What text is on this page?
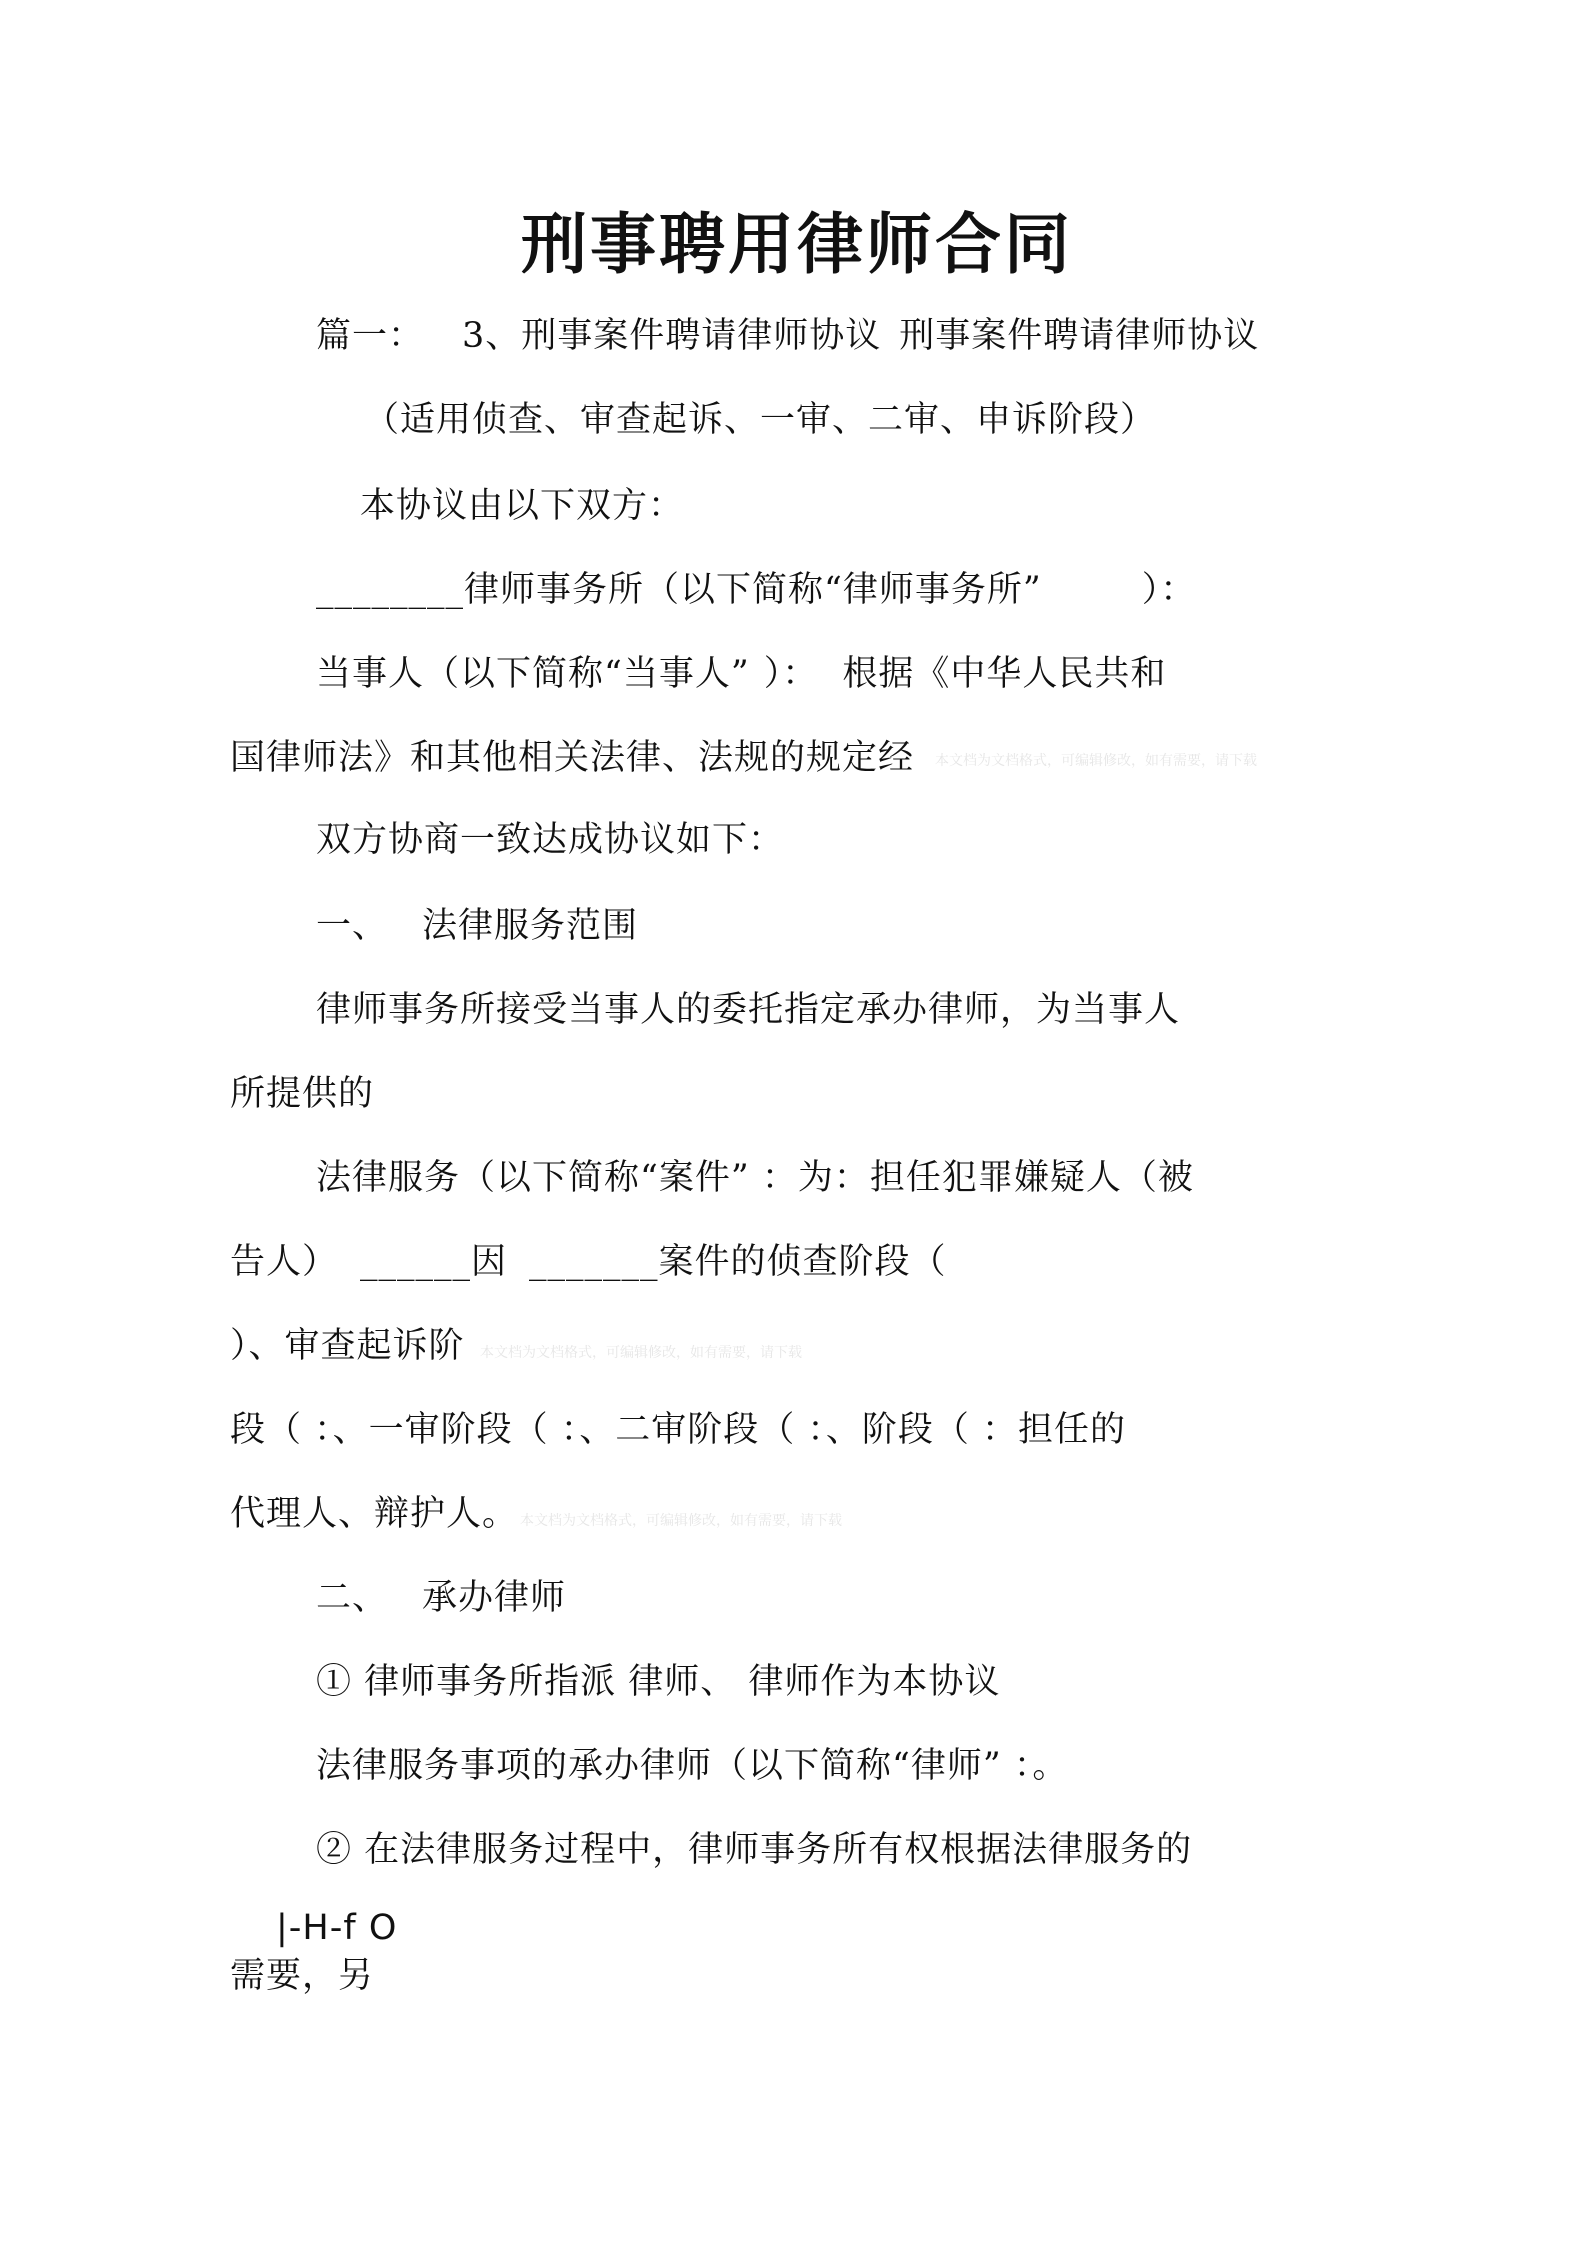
刑事聘用律师合同
篇一： 3、刑事案件聘请律师协议 刑事案件聘请律师协议
（适用侦查、审查起诉、一审、二审、申诉阶段）
本协议由以下双方：
________律师事务所（以下简称“律师事务所”	）：
当事人（以下简称“当事人” ）： 根据《中华人民共和
国律师法》和其他相关法律、法规的规定经 本文档为文档格式，可编辑修改，如有需要，请下载
双方协商一致达成协议如下：
一、 法律服务范围
律师事务所接受当事人的委托指定承办律师，为当事人
所提供的
法律服务（以下简称“案件” ：为：担任犯罪嫌疑人（被
告人） ______因 _______案件的侦查阶段（
）、审查起诉阶 本文档为文档格式，可编辑修改，如有需要，请下载
段（ ：、一审阶段（ ：、二审阶段（ ：、阶段（ ：担任的
代理人、辩护人。 本文档为文档格式，可编辑修改，如有需要，请下载
二、 承办律师
① 律师事务所指派 律师、 律师作为本协议
法律服务事项的承办律师（以下简称“律师” ：。
② 在法律服务过程中，律师事务所有权根据法律服务的
|-H-f O
需要，另
